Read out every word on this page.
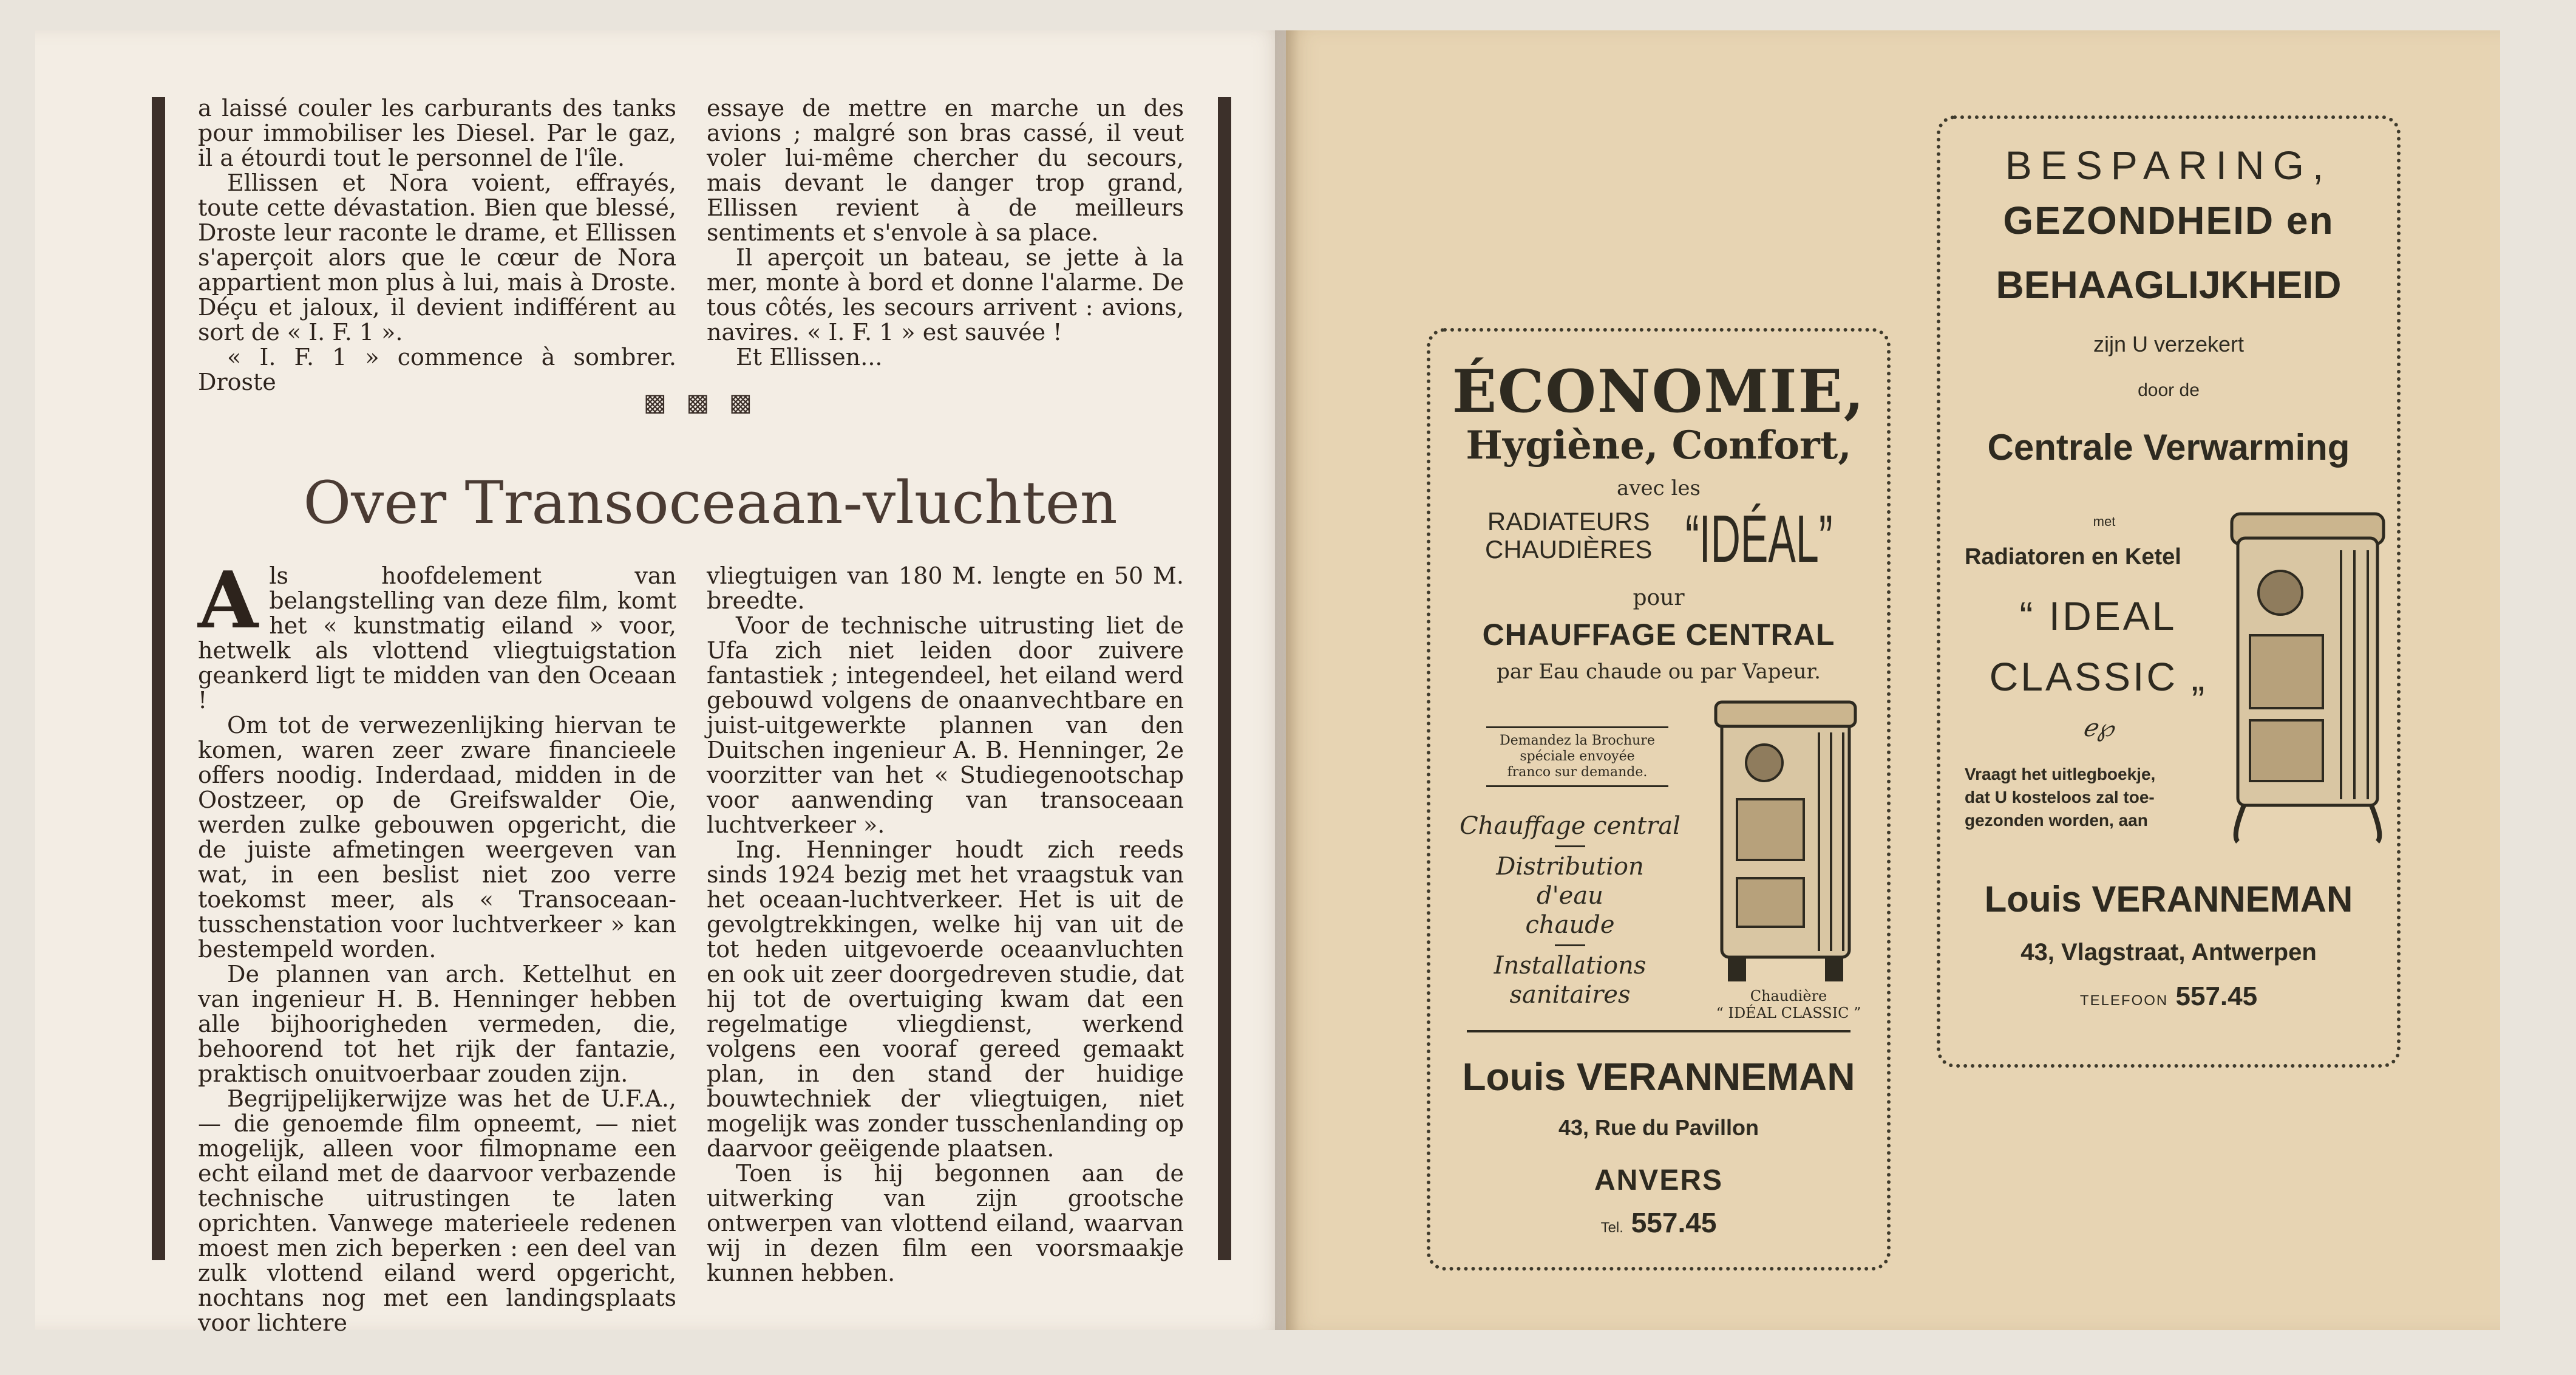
a laissé couler les carburants des tanks pour immobiliser les Diesel. Par le gaz, il a étourdi tout le personnel de l'île.

Ellissen et Nora voient, effrayés, toute cette dévastation. Bien que blessé, Droste leur raconte le drame, et Ellissen s'aperçoit alors que le cœur de Nora appartient mon plus à lui, mais à Droste. Déçu et jaloux, il devient indifférent au sort de « I. F. 1 ».

« I. F. 1 » commence à sombrer. Droste

essaye de mettre en marche un des avions ; malgré son bras cassé, il veut voler lui-même chercher du secours, mais devant le danger trop grand, Ellissen revient à de meilleurs sentiments et s'envole à sa place.

Il aperçoit un bateau, se jette à la mer, monte à bord et donne l'alarme. De tous côtés, les secours arrivent : avions, navires. « I. F. 1 » est sauvée !

Et Ellissen...

▩ ▩ ▩
Over Transoceaan-vluchten

Als hoofdelement van belangstelling van deze film, komt het « kunstmatig eiland » voor, hetwelk als vlottend vliegtuigstation geankerd ligt te midden van den Oceaan !

Om tot de verwezenlijking hiervan te komen, waren zeer zware financieele offers noodig. Inderdaad, midden in de Oostzeer, op de Greifswalder Oie, werden zulke gebouwen opgericht, die de juiste afmetingen weergeven van wat, in een beslist niet zoo verre toekomst meer, als « Transoceaan-tusschenstation voor luchtverkeer » kan bestempeld worden.

De plannen van arch. Kettelhut en van ingenieur H. B. Henninger hebben alle bijhoorigheden vermeden, die, behoorend tot het rijk der fantazie, praktisch onuitvoerbaar zouden zijn.

Begrijpelijkerwijze was het de U.F.A., — die genoemde film opneemt, — niet mogelijk, alleen voor filmopname een echt eiland met de daarvoor verbazende technische uitrustingen te laten oprichten. Vanwege materieele redenen moest men zich beperken : een deel van zulk vlottend eiland werd opgericht, nochtans nog met een landingsplaats voor lichtere

vliegtuigen van 180 M. lengte en 50 M. breedte.

Voor de technische uitrusting liet de Ufa zich niet leiden door zuivere fantastiek ; integendeel, het eiland werd gebouwd volgens de onaanvechtbare en juist-uitgewerkte plannen van den Duitschen ingenieur A. B. Henninger, 2e voorzitter van het « Studiegenootschap voor aanwending van transoceaan luchtverkeer ».

Ing. Henninger houdt zich reeds sinds 1924 bezig met het vraagstuk van het oceaan-luchtverkeer. Het is uit de gevolgtrekkingen, welke hij van uit de tot heden uitgevoerde oceaanvluchten en ook uit zeer doorgedreven studie, dat hij tot de overtuiging kwam dat een regelmatige vliegdienst, werkend volgens een vooraf gereed gemaakt plan, in den stand der huidige bouwtechniek der vliegtuigen, niet mogelijk was zonder tusschenlanding op daarvoor geëigende plaatsen.

Toen is hij begonnen aan de uitwerking van zijn grootsche ontwerpen van vlottend eiland, waarvan wij in dezen film een voorsmaakje kunnen hebben.

ÉCONOMIE,
Hygiène, Confort,
avec les
RADIATEURS
CHAUDIÈRES “IDÉAL”
pour
CHAUFFAGE CENTRAL
par Eau chaude ou par Vapeur.
Demandez la Brochure
spéciale envoyée
franco sur demande.
Chauffage central
Distribution d'eau chaude
Installations sanitaires	Chaudière
“ IDÉAL CLASSIC ”
Louis VERANNEMAN
43, Rue du Pavillon
ANVERS
Tel. 557.45
BESPARING,
GEZONDHEID en
BEHAAGLIJKHEID
zijn U verzekert
door de
Centrale Verwarming
met
Radiatoren en Ketel
“ IDEAL
CLASSIC „
ℯ℘
Vraagt het uitlegboekje,
dat U kosteloos zal toe-
gezonden worden, aan
Louis VERANNEMAN
43, Vlagstraat, Antwerpen
TELEFOON 557.45
